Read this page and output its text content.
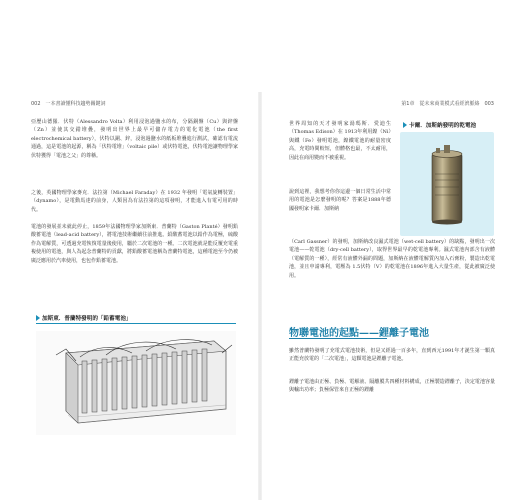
002　一本書讀懂科技趨勢關鍵詞

亞歷山德羅．伏特（Alessandro Volta）利用浸泡過鹽水的布，分隔銅盤（Cu）與鋅盤（Zn）並使其交錯堆疊，發明出世界上最早可儲存電力的電化電池（the first electrochemical battery），伏特以銅、鋅，浸泡過鹽水的紙板堆疊進行測試，確認有電流通過，這是電池的起源，稱為「伏特電堆」（voltaic pile）或伏特電池，伏特電池讓物理學家伏特獲得「電池之父」的尊稱。

之後，英國物理學家麥克．法拉第（Michael Faraday）在 1932 年發明「電氣旋轉裝置」（dynamo），是電動馬達的前身，人類因為有法拉第的這項發明，才能進入有電可用的時代。

電池的發展並未就此停止，1859年法國物理學家加斯東．普蘭特（Gaston Planté）發明鉛酸蓄電池（lead-acid battery），將電池技術繼續往前推進。鉛酸蓄電池以鉛作為電極，硫酸作為電解質，可透過充電恢復電量後使用，屬於二次電池的一種。二次電池就是能反覆充電重複使用的電池，與人為起念普蘭特的貢獻，將鉛酸蓄電池稱為普蘭特電池，這種電池至今仍被廣泛應用於汽車使用，也包作鉛蓄電池。

加斯東．普蘭特發明的「鉛蓄電池」
第1章　從未來商業模式看經濟脈絡　003

世界周知的天才發明家湯瑪斯．愛迪生（Thomas Edison）在 1913年利用鎳（Ni）與鐵（Fe）發明電池，鎳鐵電池的耐量密度高，充電時間較短，但體格也最，不太耐用，因此在商用變而不被重視。

說到這裡，我想考你你這邊一個日常生活中常用的電池是怎麼發明的呢？答案是1888年德國發明家卡爾．加斯納

（Carl Gassner）的發明，加斯納改良濕式電池（wet-cell battery）的缺點，發明出一次電池——乾電池（dry-cell battery），取得世界最早的乾電池專利。濕式電池內部含有液體（電解質的一種），經常有液體外漏的問題，加斯納在液體電解質內加入石膏粉，製造出乾電池，並且申請專利，電壓為 1.5伏特（V）的乾電池在1896年進入大量生產，從此被廣泛使用。

卡爾．加斯納發明的乾電池
物聯電池的起點——鋰離子電池

雖然普蘭特發明了充電式電池技術，但是又經過一百多年，直到西元1991年才誕生第一顆真正能充放電的「二次電池」，這顆電池是鋰離子電池。

鋰離子電池由正極、負極、電解液、隔離膜共四種材料構成，正極製造鋰離子，決定電池容量與輸出功率；負極保管來自正極的鋰離
